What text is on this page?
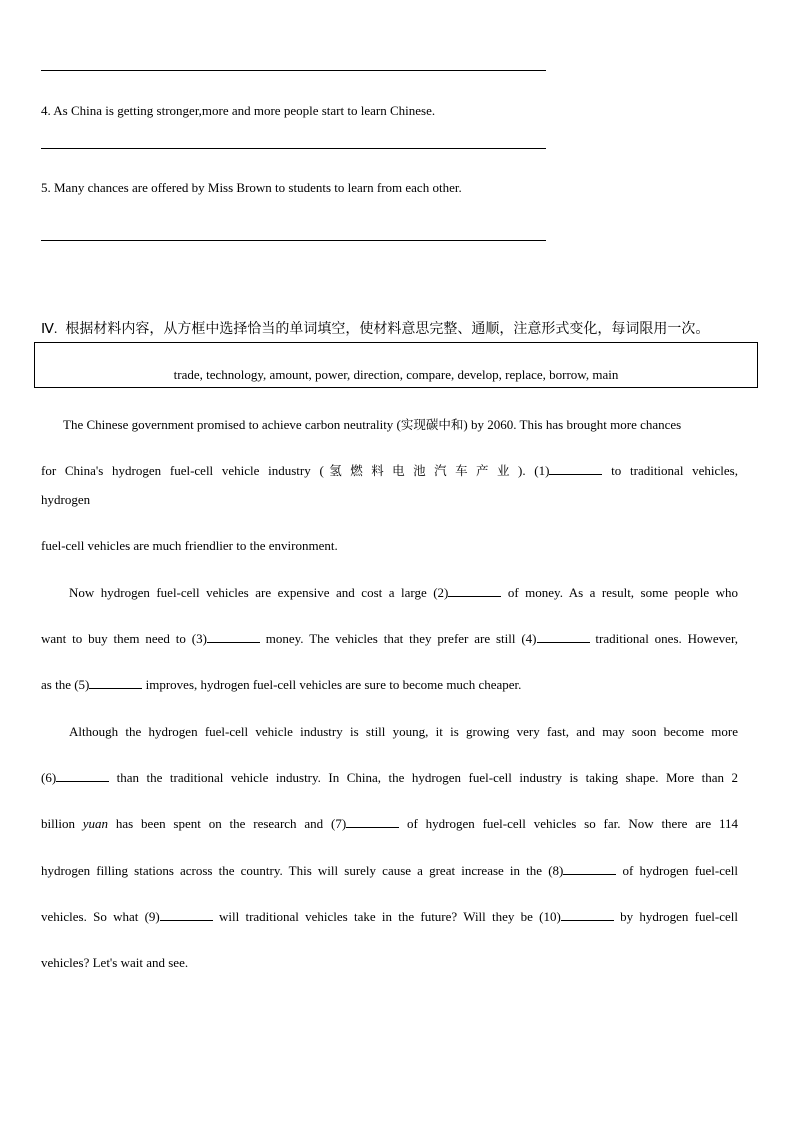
4. As China is getting stronger,more and more people start to learn Chinese.
5. Many chances are offered by Miss Brown to students to learn from each other.
Ⅳ. 根据材料内容，从方框中选择恰当的单词填空，使材料意思完整、通顺，注意形式变化，每词限用一次。
trade, technology, amount, power, direction, compare, develop, replace, borrow, main
The Chinese government promised to achieve carbon neutrality (实现碳中和) by 2060. This has brought more chances
for China's hydrogen fuel-cell vehicle industry (氢燃料电池汽车产业). (1)	to traditional vehicles,
hydrogen
fuel-cell vehicles are much friendlier to the environment.
Now hydrogen fuel-cell vehicles are expensive and cost a large (2)	of money. As a result, some people who
want to buy them need to (3)	money. The vehicles that they prefer are still (4)	traditional ones. However,
as the (5)	improves, hydrogen fuel-cell vehicles are sure to become much cheaper.
Although the hydrogen fuel-cell vehicle industry is still young, it is growing very fast, and may soon become more
(6)	than the traditional vehicle industry. In China, the hydrogen fuel-cell industry is taking shape. More than 2
billion yuan has been spent on the research and (7)	of hydrogen fuel-cell vehicles so far. Now there are 114
hydrogen filling stations across the country. This will surely cause a great increase in the (8)	of hydrogen fuel-cell
vehicles. So what (9)	will traditional vehicles take in the future? Will they be (10)	by hydrogen fuel-cell
vehicles? Let's wait and see.
